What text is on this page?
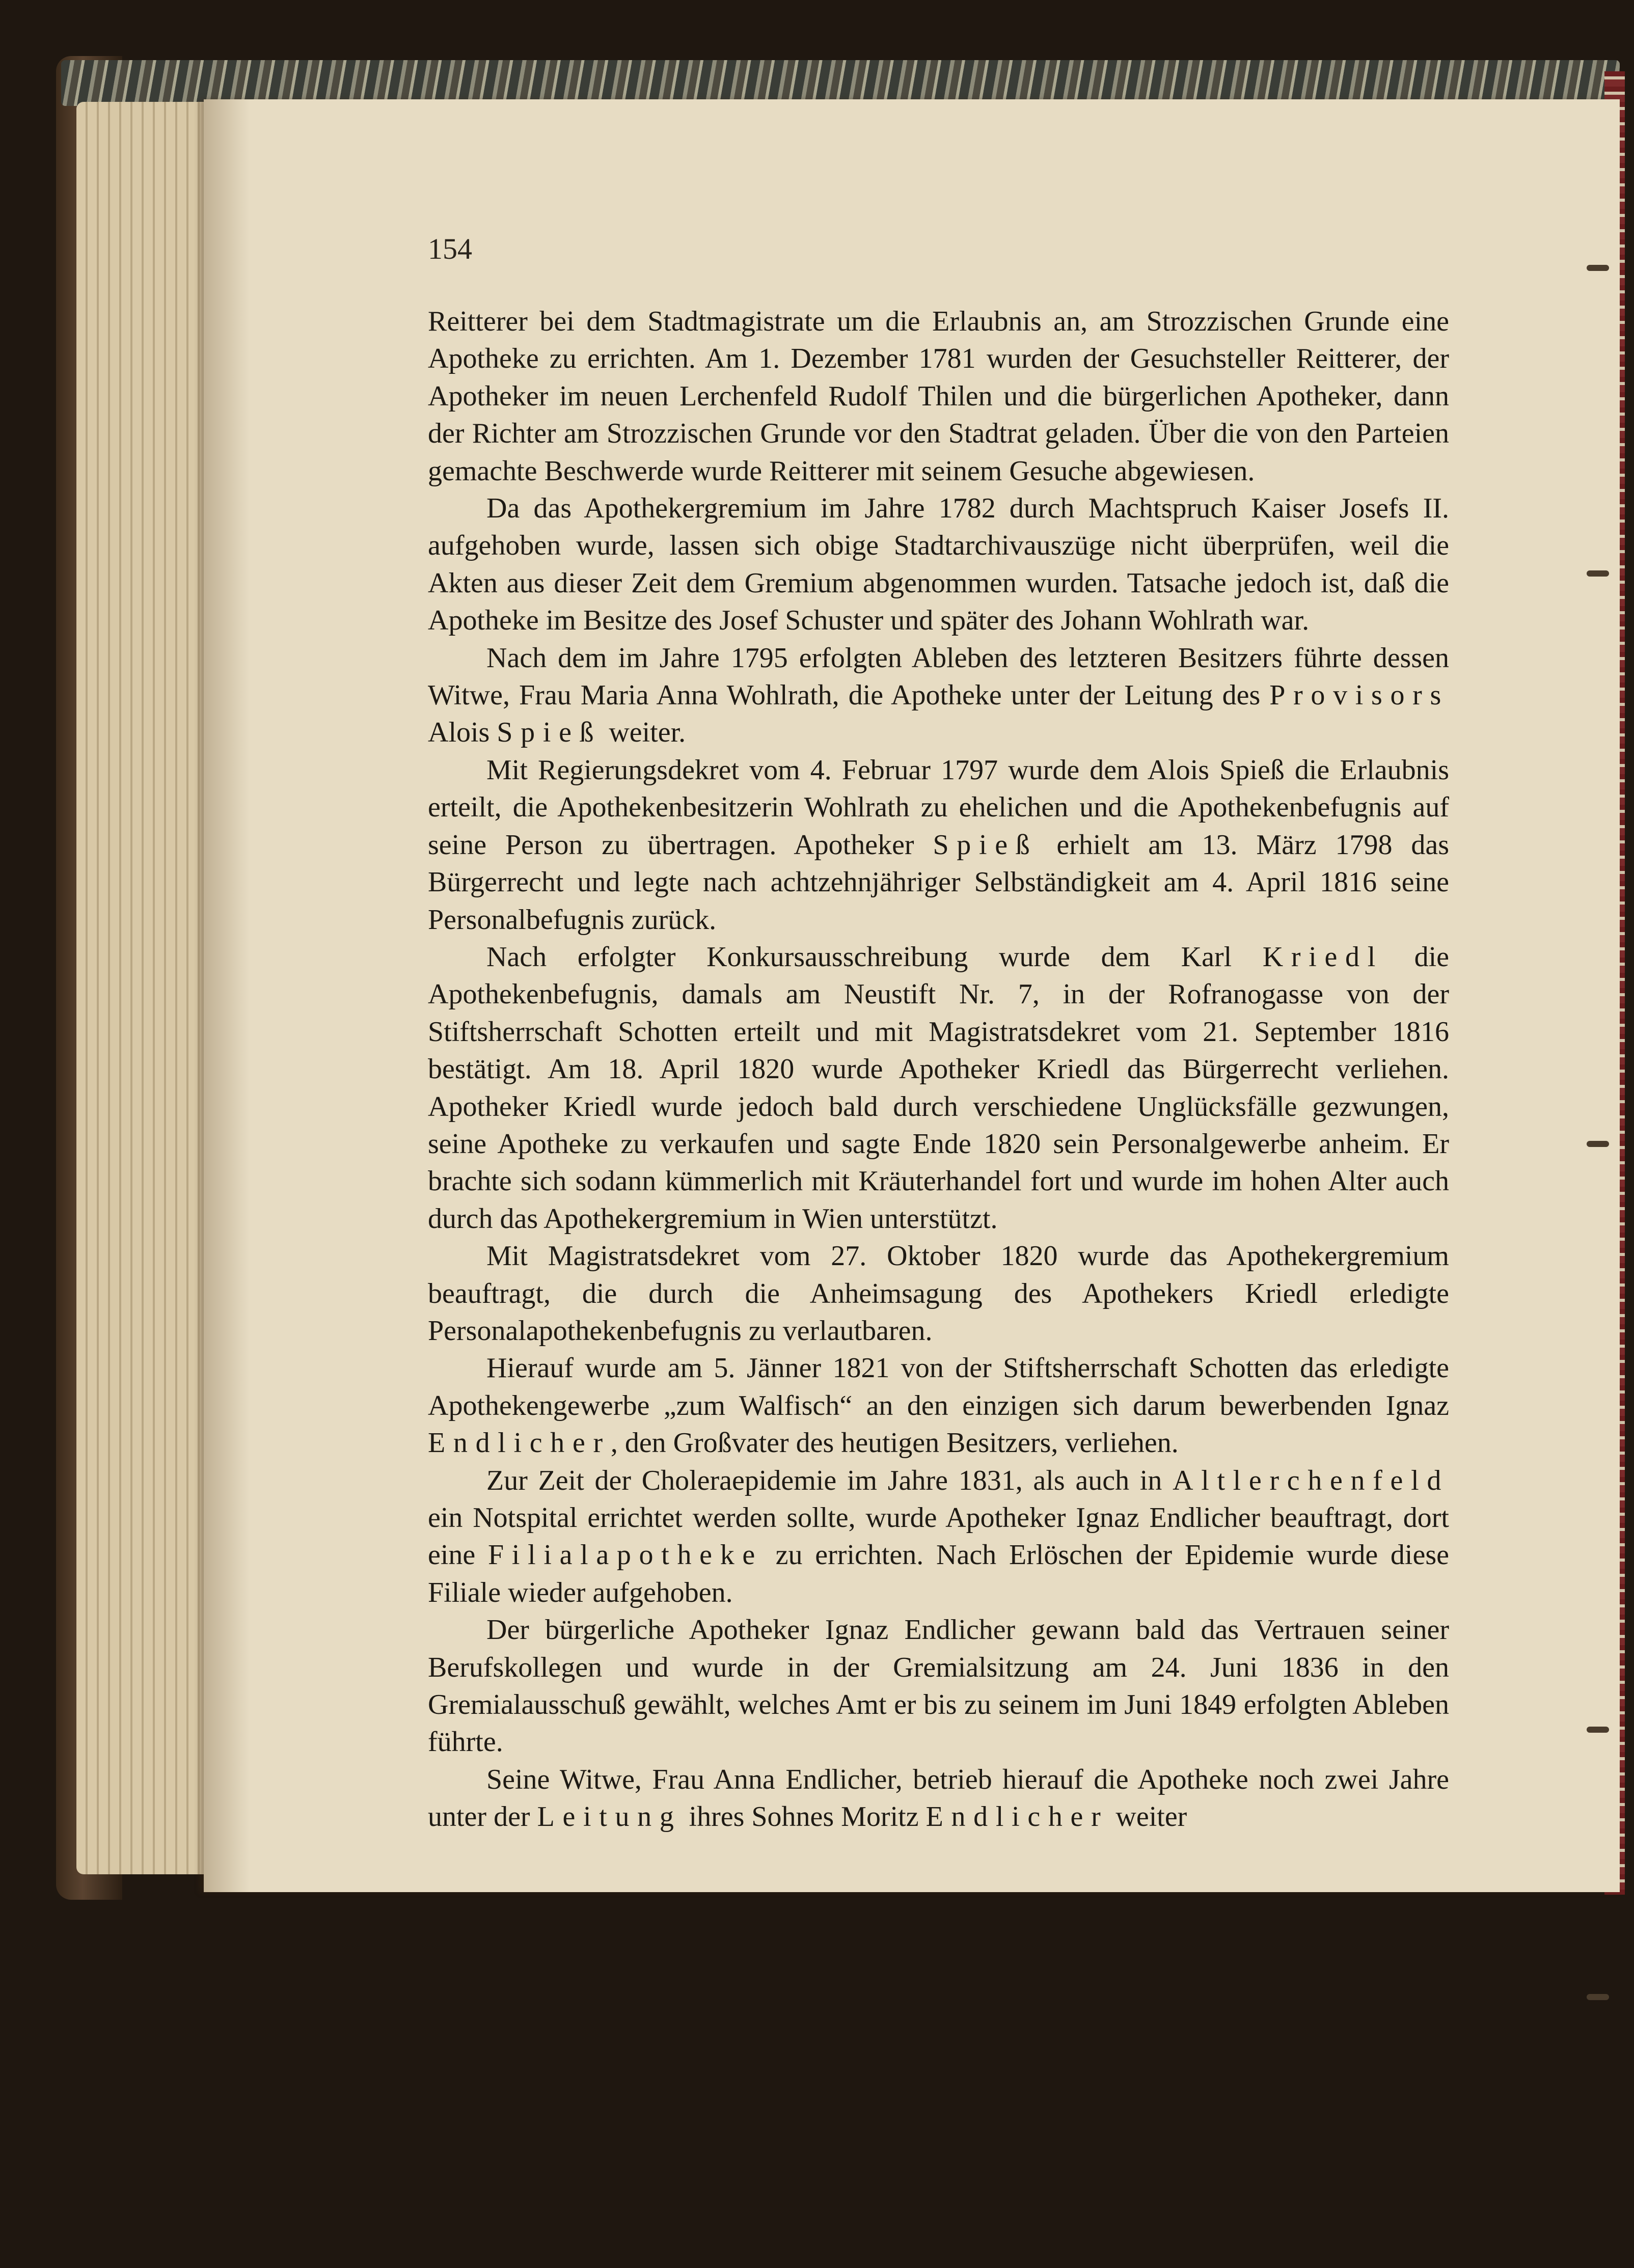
154

Reitterer bei dem Stadtmagistrate um die Erlaubnis an, am Strozzischen Grunde eine Apotheke zu errichten. Am 1. Dezember 1781 wurden der Gesuchsteller Reitterer, der Apotheker im neuen Lerchenfeld Rudolf Thilen und die bürgerlichen Apotheker, dann der Richter am Strozzischen Grunde vor den Stadtrat geladen. Über die von den Parteien gemachte Beschwerde wurde Reitterer mit seinem Gesuche abgewiesen.

Da das Apothekergremium im Jahre 1782 durch Machtspruch Kaiser Josefs II. aufgehoben wurde, lassen sich obige Stadtarchivauszüge nicht überprüfen, weil die Akten aus dieser Zeit dem Gremium abgenommen wurden. Tatsache jedoch ist, daß die Apotheke im Besitze des Josef Schuster und später des Johann Wohlrath war.

Nach dem im Jahre 1795 erfolgten Ableben des letzteren Besitzers führte dessen Witwe, Frau Maria Anna Wohlrath, die Apotheke unter der Leitung des Provisors Alois Spieß weiter.

Mit Regierungsdekret vom 4. Februar 1797 wurde dem Alois Spieß die Erlaubnis erteilt, die Apothekenbesitzerin Wohlrath zu ehelichen und die Apothekenbefugnis auf seine Person zu übertragen. Apotheker Spieß erhielt am 13. März 1798 das Bürgerrecht und legte nach achtzehnjähriger Selbständigkeit am 4. April 1816 seine Personalbefugnis zurück.

Nach erfolgter Konkursausschreibung wurde dem Karl Kriedl die Apothekenbefugnis, damals am Neustift Nr. 7, in der Rofranogasse von der Stiftsherrschaft Schotten erteilt und mit Magistratsdekret vom 21. September 1816 bestätigt. Am 18. April 1820 wurde Apotheker Kriedl das Bürgerrecht verliehen. Apotheker Kriedl wurde jedoch bald durch verschiedene Unglücksfälle gezwungen, seine Apotheke zu verkaufen und sagte Ende 1820 sein Personalgewerbe anheim. Er brachte sich sodann kümmerlich mit Kräuterhandel fort und wurde im hohen Alter auch durch das Apothekergremium in Wien unterstützt.

Mit Magistratsdekret vom 27. Oktober 1820 wurde das Apothekergremium beauftragt, die durch die Anheimsagung des Apothekers Kriedl erledigte Personalapothekenbefugnis zu verlautbaren.

Hierauf wurde am 5. Jänner 1821 von der Stiftsherrschaft Schotten das erledigte Apothekengewerbe „zum Walfisch“ an den einzigen sich darum bewerbenden Ignaz Endlicher, den Großvater des heutigen Besitzers, verliehen.

Zur Zeit der Choleraepidemie im Jahre 1831, als auch in Altlerchenfeld ein Notspital errichtet werden sollte, wurde Apotheker Ignaz Endlicher beauftragt, dort eine Filialapotheke zu errichten. Nach Erlöschen der Epidemie wurde diese Filiale wieder aufgehoben.

Der bürgerliche Apotheker Ignaz Endlicher gewann bald das Vertrauen seiner Berufskollegen und wurde in der Gremialsitzung am 24. Juni 1836 in den Gremialausschuß gewählt, welches Amt er bis zu seinem im Juni 1849 erfolgten Ableben führte.

Seine Witwe, Frau Anna Endlicher, betrieb hierauf die Apotheke noch zwei Jahre unter der Leitung ihres Sohnes Moritz Endlicher weiter
